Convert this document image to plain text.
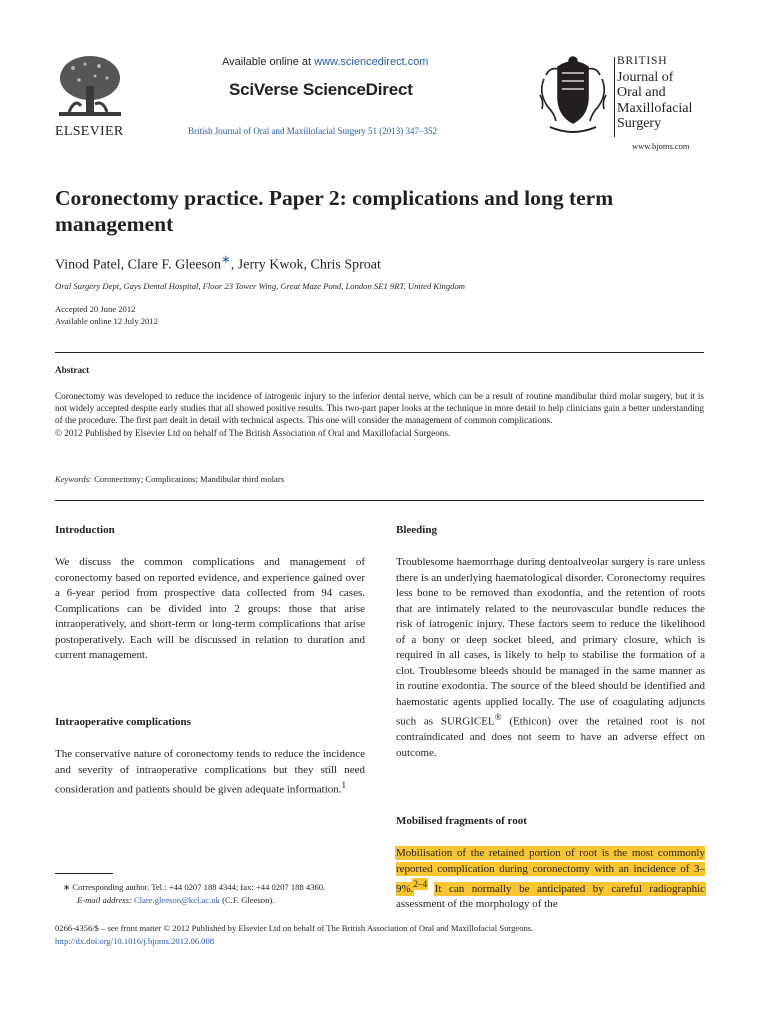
ELSEVIER
Available online at www.sciencedirect.com
SciVerse ScienceDirect
British Journal of Oral and Maxillofacial Surgery 51 (2013) 347–352
BRITISH
Journal of
Oral and
Maxillofacial
Surgery
www.bjoms.com
Coronectomy practice. Paper 2: complications and long term management
Vinod Patel, Clare F. Gleeson∗, Jerry Kwok, Chris Sproat
Oral Surgery Dept, Gays Dental Hospital, Floor 23 Tower Wing, Great Maze Pond, London SE1 9RT, United Kingdom
Accepted 20 June 2012
Available online 12 July 2012
Abstract

Coronectomy was developed to reduce the incidence of iatrogenic injury to the inferior dental nerve, which can be a result of routine mandibular third molar surgery, but it is not widely accepted despite early studies that all showed positive results. This two-part paper looks at the technique in more detail to help clinicians gain a better understanding of the procedure. The first part dealt in detail with technical aspects. This one will consider the management of common complications.

© 2012 Published by Elsevier Ltd on behalf of The British Association of Oral and Maxillofacial Surgeons.

Keywords: Coronectomy; Complications; Mandibular third molars
Introduction

We discuss the common complications and management of coronectomy based on reported evidence, and experience gained over a 6-year period from prospective data collected from 94 cases. Complications can be divided into 2 groups: those that arise intraoperatively, and short-term or long-term complications that arise postoperatively. Each will be discussed in relation to duration and current management.

Intraoperative complications

The conservative nature of coronectomy tends to reduce the incidence and severity of intraoperative complications but they still need consideration and patients should be given adequate information.$^1$

Bleeding

Troublesome haemorrhage during dentoalveolar surgery is rare unless there is an underlying haematological disorder. Coronectomy requires less bone to be removed than exodontia, and the retention of roots that are intimately related to the neurovascular bundle reduces the risk of iatrogenic injury. These factors seem to reduce the likelihood of a bony or deep socket bleed, and primary closure, which is required in all cases, is likely to help to stabilise the formation of a clot. Troublesome bleeds should be managed in the same manner as in routine exodontia. The source of the bleed should be identified and haemostatic agents applied locally. The use of coagulating adjuncts such as SURGICEL® (Ethicon) over the retained root is not contraindicated and does not seem to have an adverse effect on outcome.

Mobilised fragments of root

Mobilisation of the retained portion of root is the most commonly reported complication during coronectomy with an incidence of 3–9%.$^{2-4}$ It can normally be anticipated by careful radiographic assessment of the morphology of the

∗ Corresponding author. Tel.: +44 0207 188 4344; fax: +44 0207 188 4360.
E-mail address: Clare.gleeson@kcl.ac.uk (C.F. Gleeson).
0266-4356/$ – see front matter © 2012 Published by Elsevier Ltd on behalf of The British Association of Oral and Maxillofacial Surgeons.
http://dx.doi.org/10.1016/j.bjoms.2012.06.008
